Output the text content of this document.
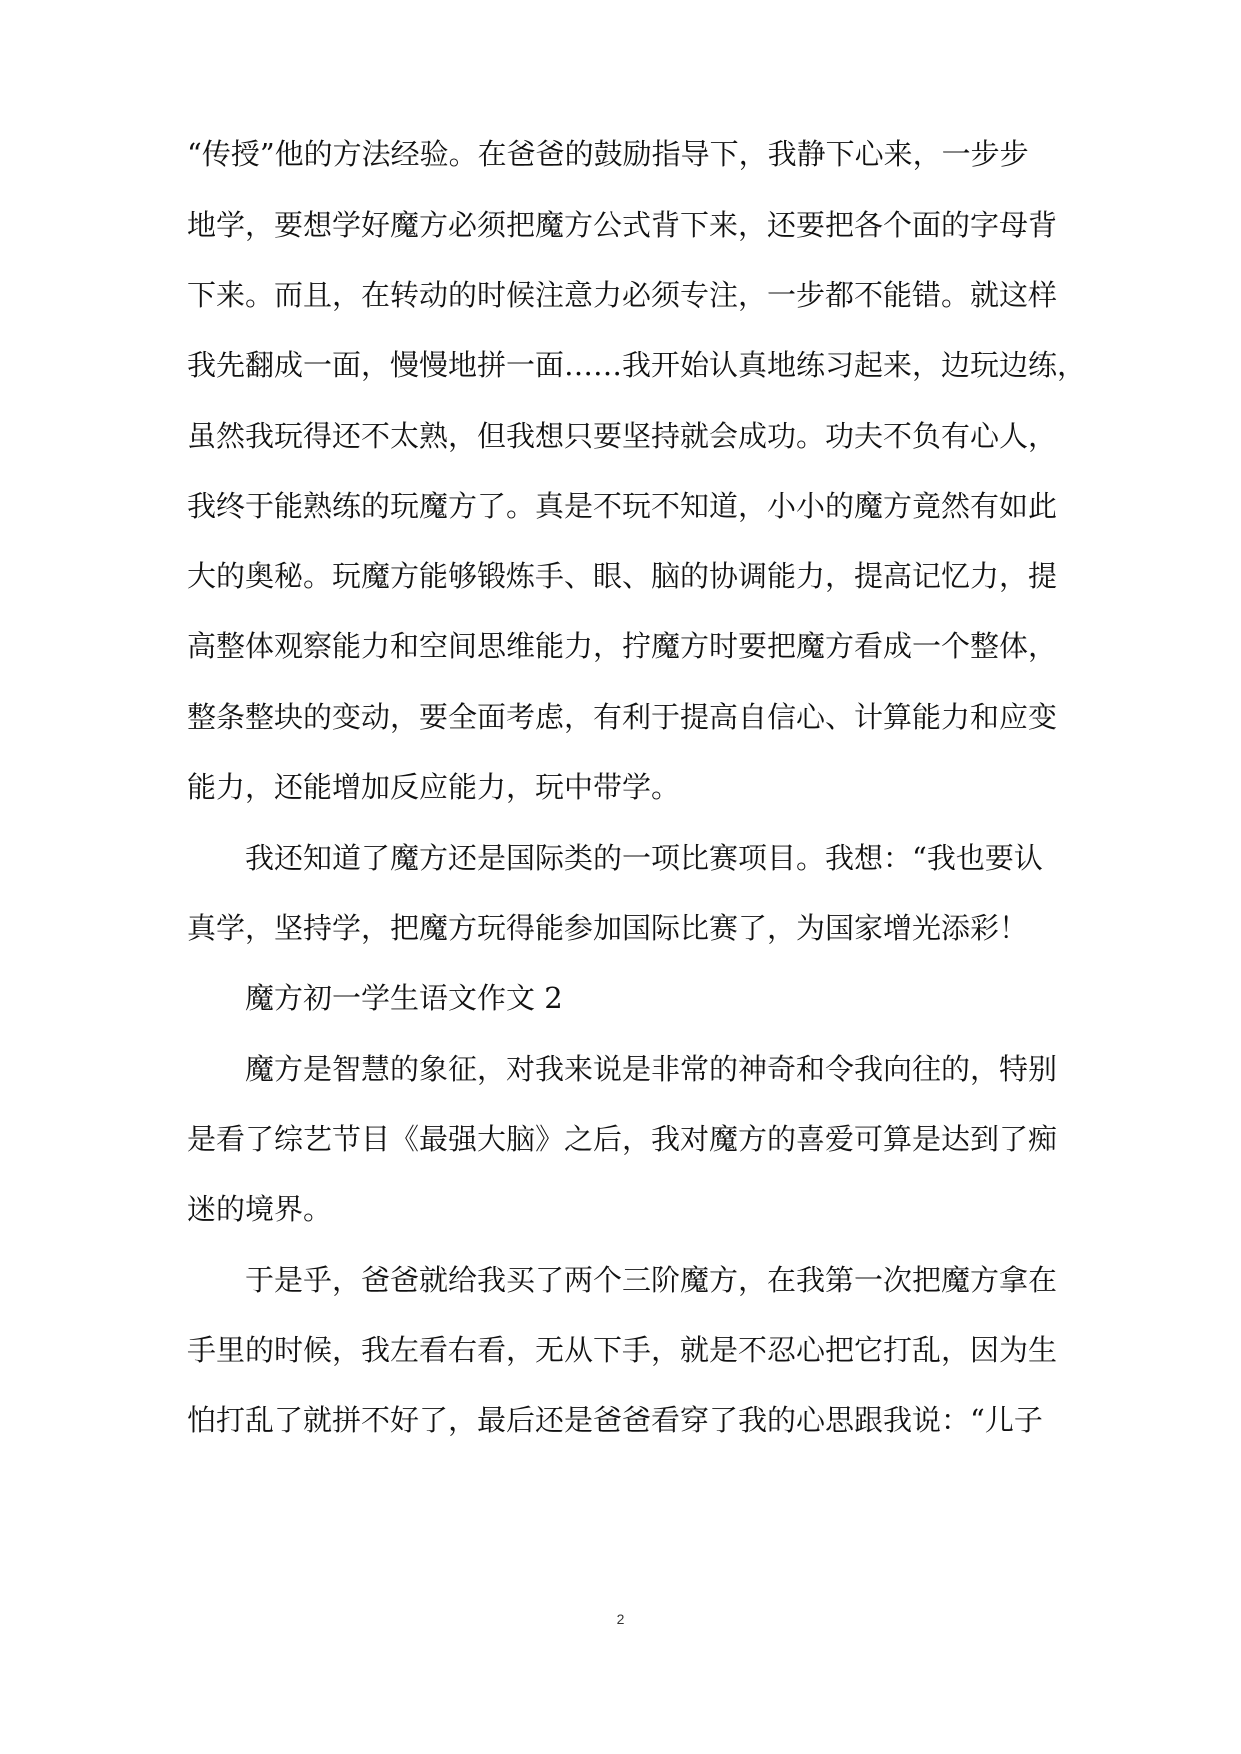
“传授”他的方法经验。在爸爸的鼓励指导下，我静下心来，一步步
地学，要想学好魔方必须把魔方公式背下来，还要把各个面的字母背
下来。而且，在转动的时候注意力必须专注，一步都不能错。就这样
我先翻成一面，慢慢地拼一面……我开始认真地练习起来，边玩边练，
虽然我玩得还不太熟，但我想只要坚持就会成功。功夫不负有心人，
我终于能熟练的玩魔方了。真是不玩不知道，小小的魔方竟然有如此
大的奥秘。玩魔方能够锻炼手、眼、脑的协调能力，提高记忆力，提
高整体观察能力和空间思维能力，拧魔方时要把魔方看成一个整体，
整条整块的变动，要全面考虑，有利于提高自信心、计算能力和应变
能力，还能增加反应能力，玩中带学。
我还知道了魔方还是国际类的一项比赛项目。我想：“我也要认
真学，坚持学，把魔方玩得能参加国际比赛了，为国家增光添彩！
魔方初一学生语文作文 2
魔方是智慧的象征，对我来说是非常的神奇和令我向往的，特别
是看了综艺节目《最强大脑》之后，我对魔方的喜爱可算是达到了痴
迷的境界。
于是乎，爸爸就给我买了两个三阶魔方，在我第一次把魔方拿在
手里的时候，我左看右看，无从下手，就是不忍心把它打乱，因为生
怕打乱了就拼不好了，最后还是爸爸看穿了我的心思跟我说：“儿子
2
